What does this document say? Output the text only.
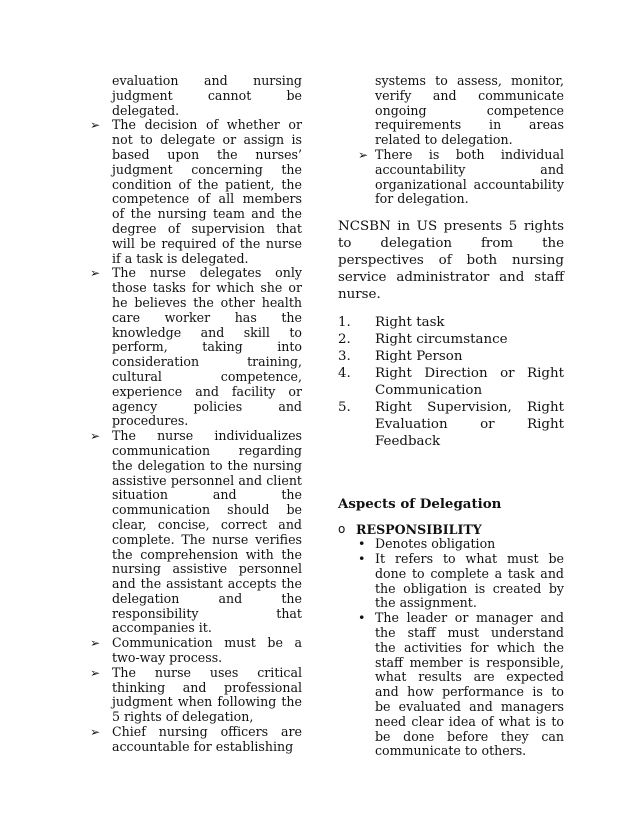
evaluation and nursing judgment cannot be delegated.
➢ The decision of whether or not to delegate or assign is based upon the nurses’ judgment concerning the condition of the patient, the competence of all members of the nursing team and the degree of supervision that will be required of the nurse if a task is delegated.
➢ The nurse delegates only those tasks for which she or he believes the other health care worker has the knowledge and skill to perform, taking into consideration training, cultural competence, experience and facility or agency policies and procedures.
➢ The nurse individualizes communication regarding the delegation to the nursing assistive personnel and client situation and the communication should be clear, concise, correct and complete. The nurse verifies the comprehension with the nursing assistive personnel and the assistant accepts the delegation and the responsibility that accompanies it.
➢ Communication must be a two-way process.
➢ The nurse uses critical thinking and professional judgment when following the 5 rights of delegation,
➢ Chief nursing officers are accountable for establishing
systems to assess, monitor, verify and communicate ongoing competence requirements in areas related to delegation.
➢ There is both individual accountability and organizational accountability for delegation.
NCSBN in US presents 5 rights to delegation from the perspectives of both nursing service administrator and staff nurse.
1. Right task
2. Right circumstance
3. Right Person
4. Right Direction or Right Communication
5. Right Supervision, Right Evaluation or Right Feedback
Aspects of Delegation
o RESPONSIBILITY
• Denotes obligation
• It refers to what must be done to complete a task and the obligation is created by the assignment.
• The leader or manager and the staff must understand the activities for which the staff member is responsible, what results are expected and how performance is to be evaluated and managers need clear idea of what is to be done before they can communicate to others.
